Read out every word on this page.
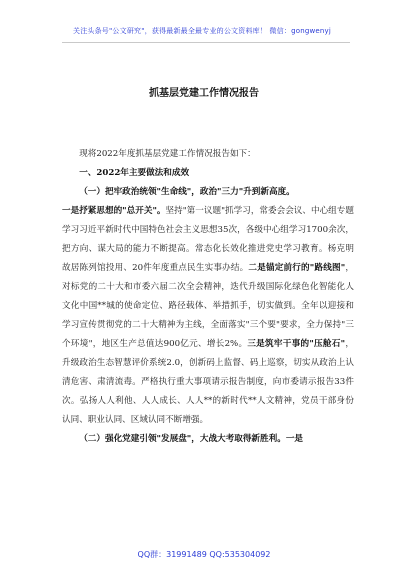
关注头条号"公文研究"，获得最新最全最专业的公文资料库！ 微信：gongwenyj
抓基层党建工作情况报告

现将2022年度抓基层党建工作情况报告如下：

一、2022年主要做法和成效

（一）把牢政治统领"生命线"，政治"三力"升到新高度。

一是抒紧思想的"总开关"。坚持"第一议题"抓学习，常委会会议、中心组专题学习习近平新时代中国特色社会主义思想35次，各级中心组学习1700余次，把方向、谋大局的能力不断提高。常态化长效化推进党史学习教育。杨克明故居陈列馆投用、20件年度重点民生实事办结。二是锚定前行的"路线图"，对标党的二十大和市委六届二次全会精神，迭代升级国际化绿色化智能化人文化中国**城的使命定位、路径载体、举措抓手，切实做到。全年以迎接和学习宣传贯彻党的二十大精神为主线，全面落实"三个要"要求，全力保持"三个环境"，地区生产总值达900亿元、增长2%。三是筑牢干事的"压舱石"，升级政治生态智慧评价系统2.0，创新码上监督、码上巡察，切实从政治上认清危害、肃清流毒。严格执行重大事项请示报告制度，向市委请示报告33件次。弘扬人人利他、人人成长、人人**的新时代**人文精神，党员干部身份认同、职业认同、区域认同不断增强。

（二）强化党建引领"发展盘"，大战大考取得新胜利。一是

QQ群：31991489 QQ:535304092
